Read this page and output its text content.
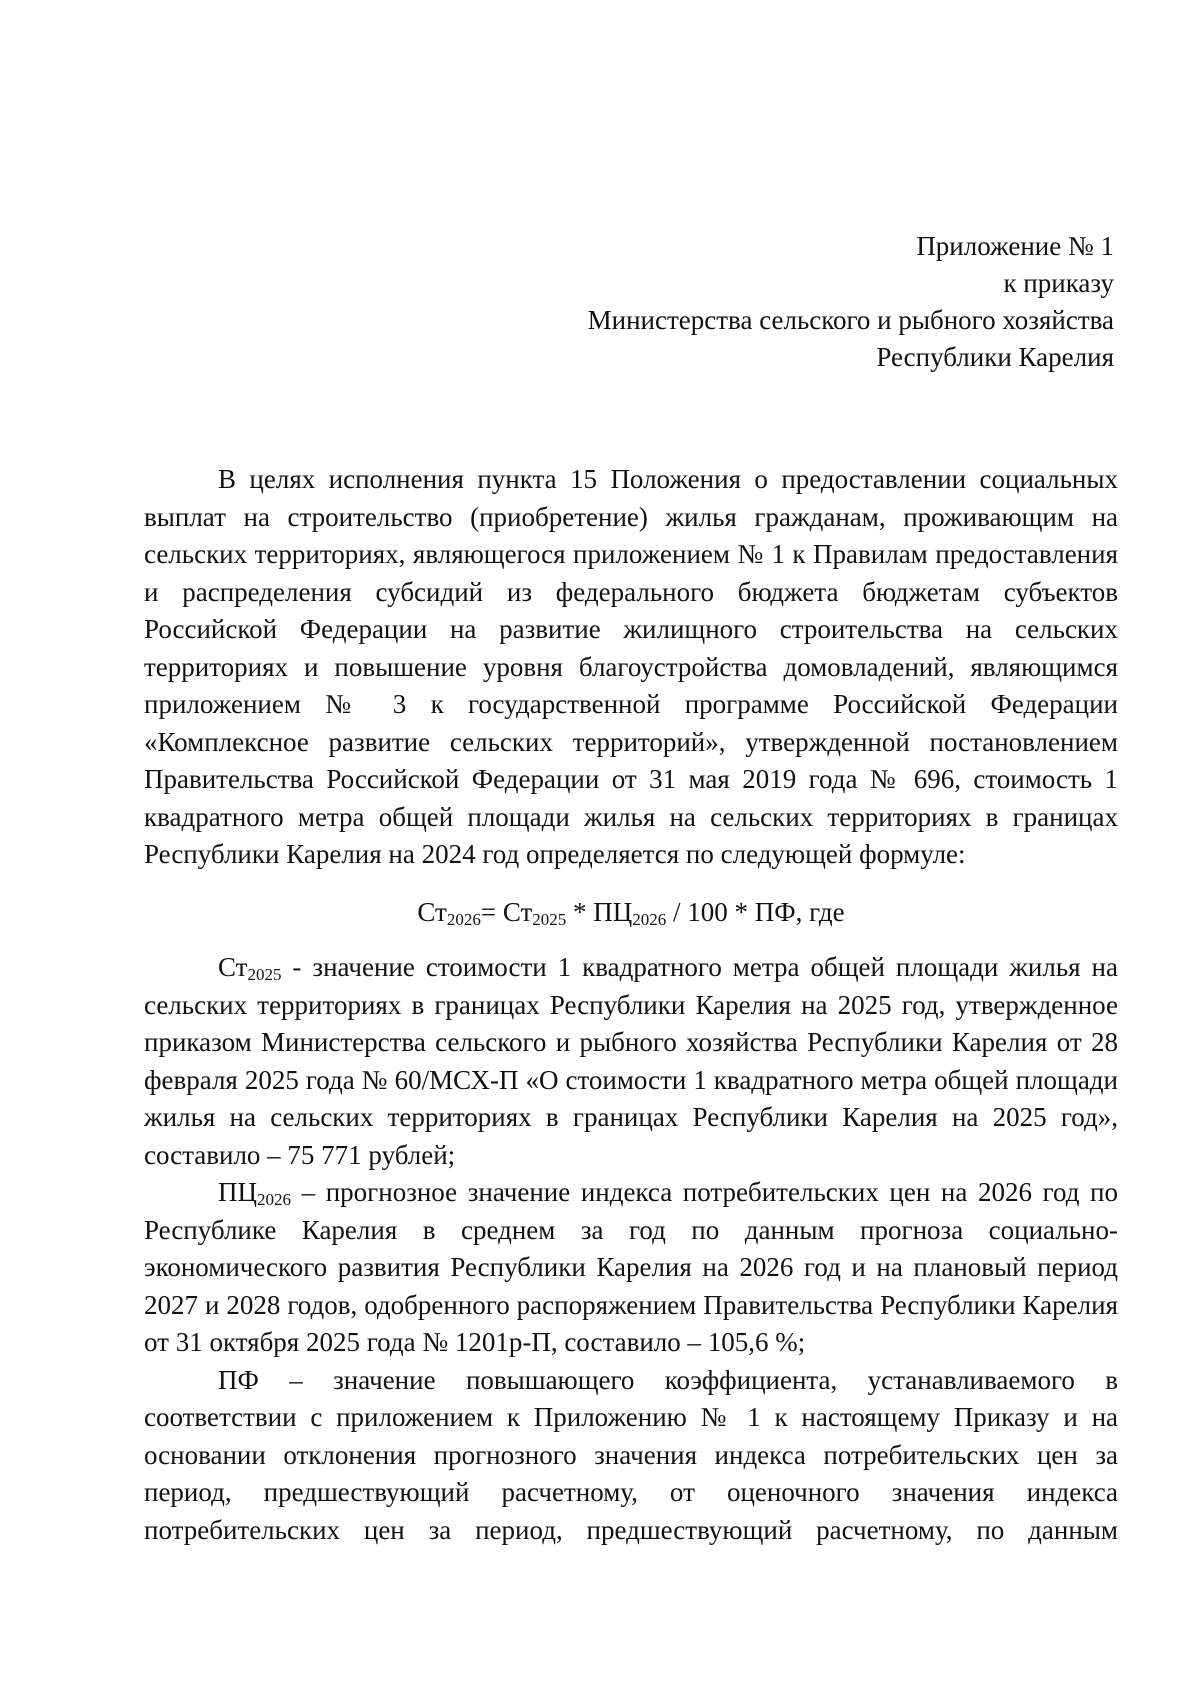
Приложение № 1
к приказу
Министерства сельского и рыбного хозяйства
Республики Карелия

В целях исполнения пункта 15 Положения о предоставлении социальных выплат на строительство (приобретение) жилья гражданам, проживающим на сельских территориях, являющегося приложением № 1 к Правилам предоставления и распределения субсидий из федерального бюджета бюджетам субъектов Российской Федерации на развитие жилищного строительства на сельских территориях и повышение уровня благоустройства домовладений, являющимся приложением № 3 к государственной программе Российской Федерации «Комплексное развитие сельских территорий», утвержденной постановлением Правительства Российской Федерации от 31 мая 2019 года № 696, стоимость 1 квадратного метра общей площади жилья на сельских территориях в границах Республики Карелия на 2024 год определяется по следующей формуле:

$Ст_{2026}= Ст_{2025} * ПЦ_{2026} / 100$ * ПФ, где

$Ст_{2025}$ - значение стоимости 1 квадратного метра общей площади жилья на сельских территориях в границах Республики Карелия на 2025 год, утвержденное приказом Министерства сельского и рыбного хозяйства Республики Карелия от 28 февраля 2025 года № 60/МСХ-П «О стоимости 1 квадратного метра общей площади жилья на сельских территориях в границах Республики Карелия на 2025 год», составило – 75 771 рублей;

$ПЦ_{2026}$ – прогнозное значение индекса потребительских цен на 2026 год по Республике Карелия в среднем за год по данным прогноза социально-экономического развития Республики Карелия на 2026 год и на плановый период 2027 и 2028 годов, одобренного распоряжением Правительства Республики Карелия от 31 октября 2025 года № 1201р-П, составило – 105,6 %;

ПФ – значение повышающего коэффициента, устанавливаемого в соответствии с приложением к Приложению № 1 к настоящему Приказу и на основании отклонения прогнозного значения индекса потребительских цен за период, предшествующий расчетному, от оценочного значения индекса потребительских цен за период, предшествующий расчетному, по данным
